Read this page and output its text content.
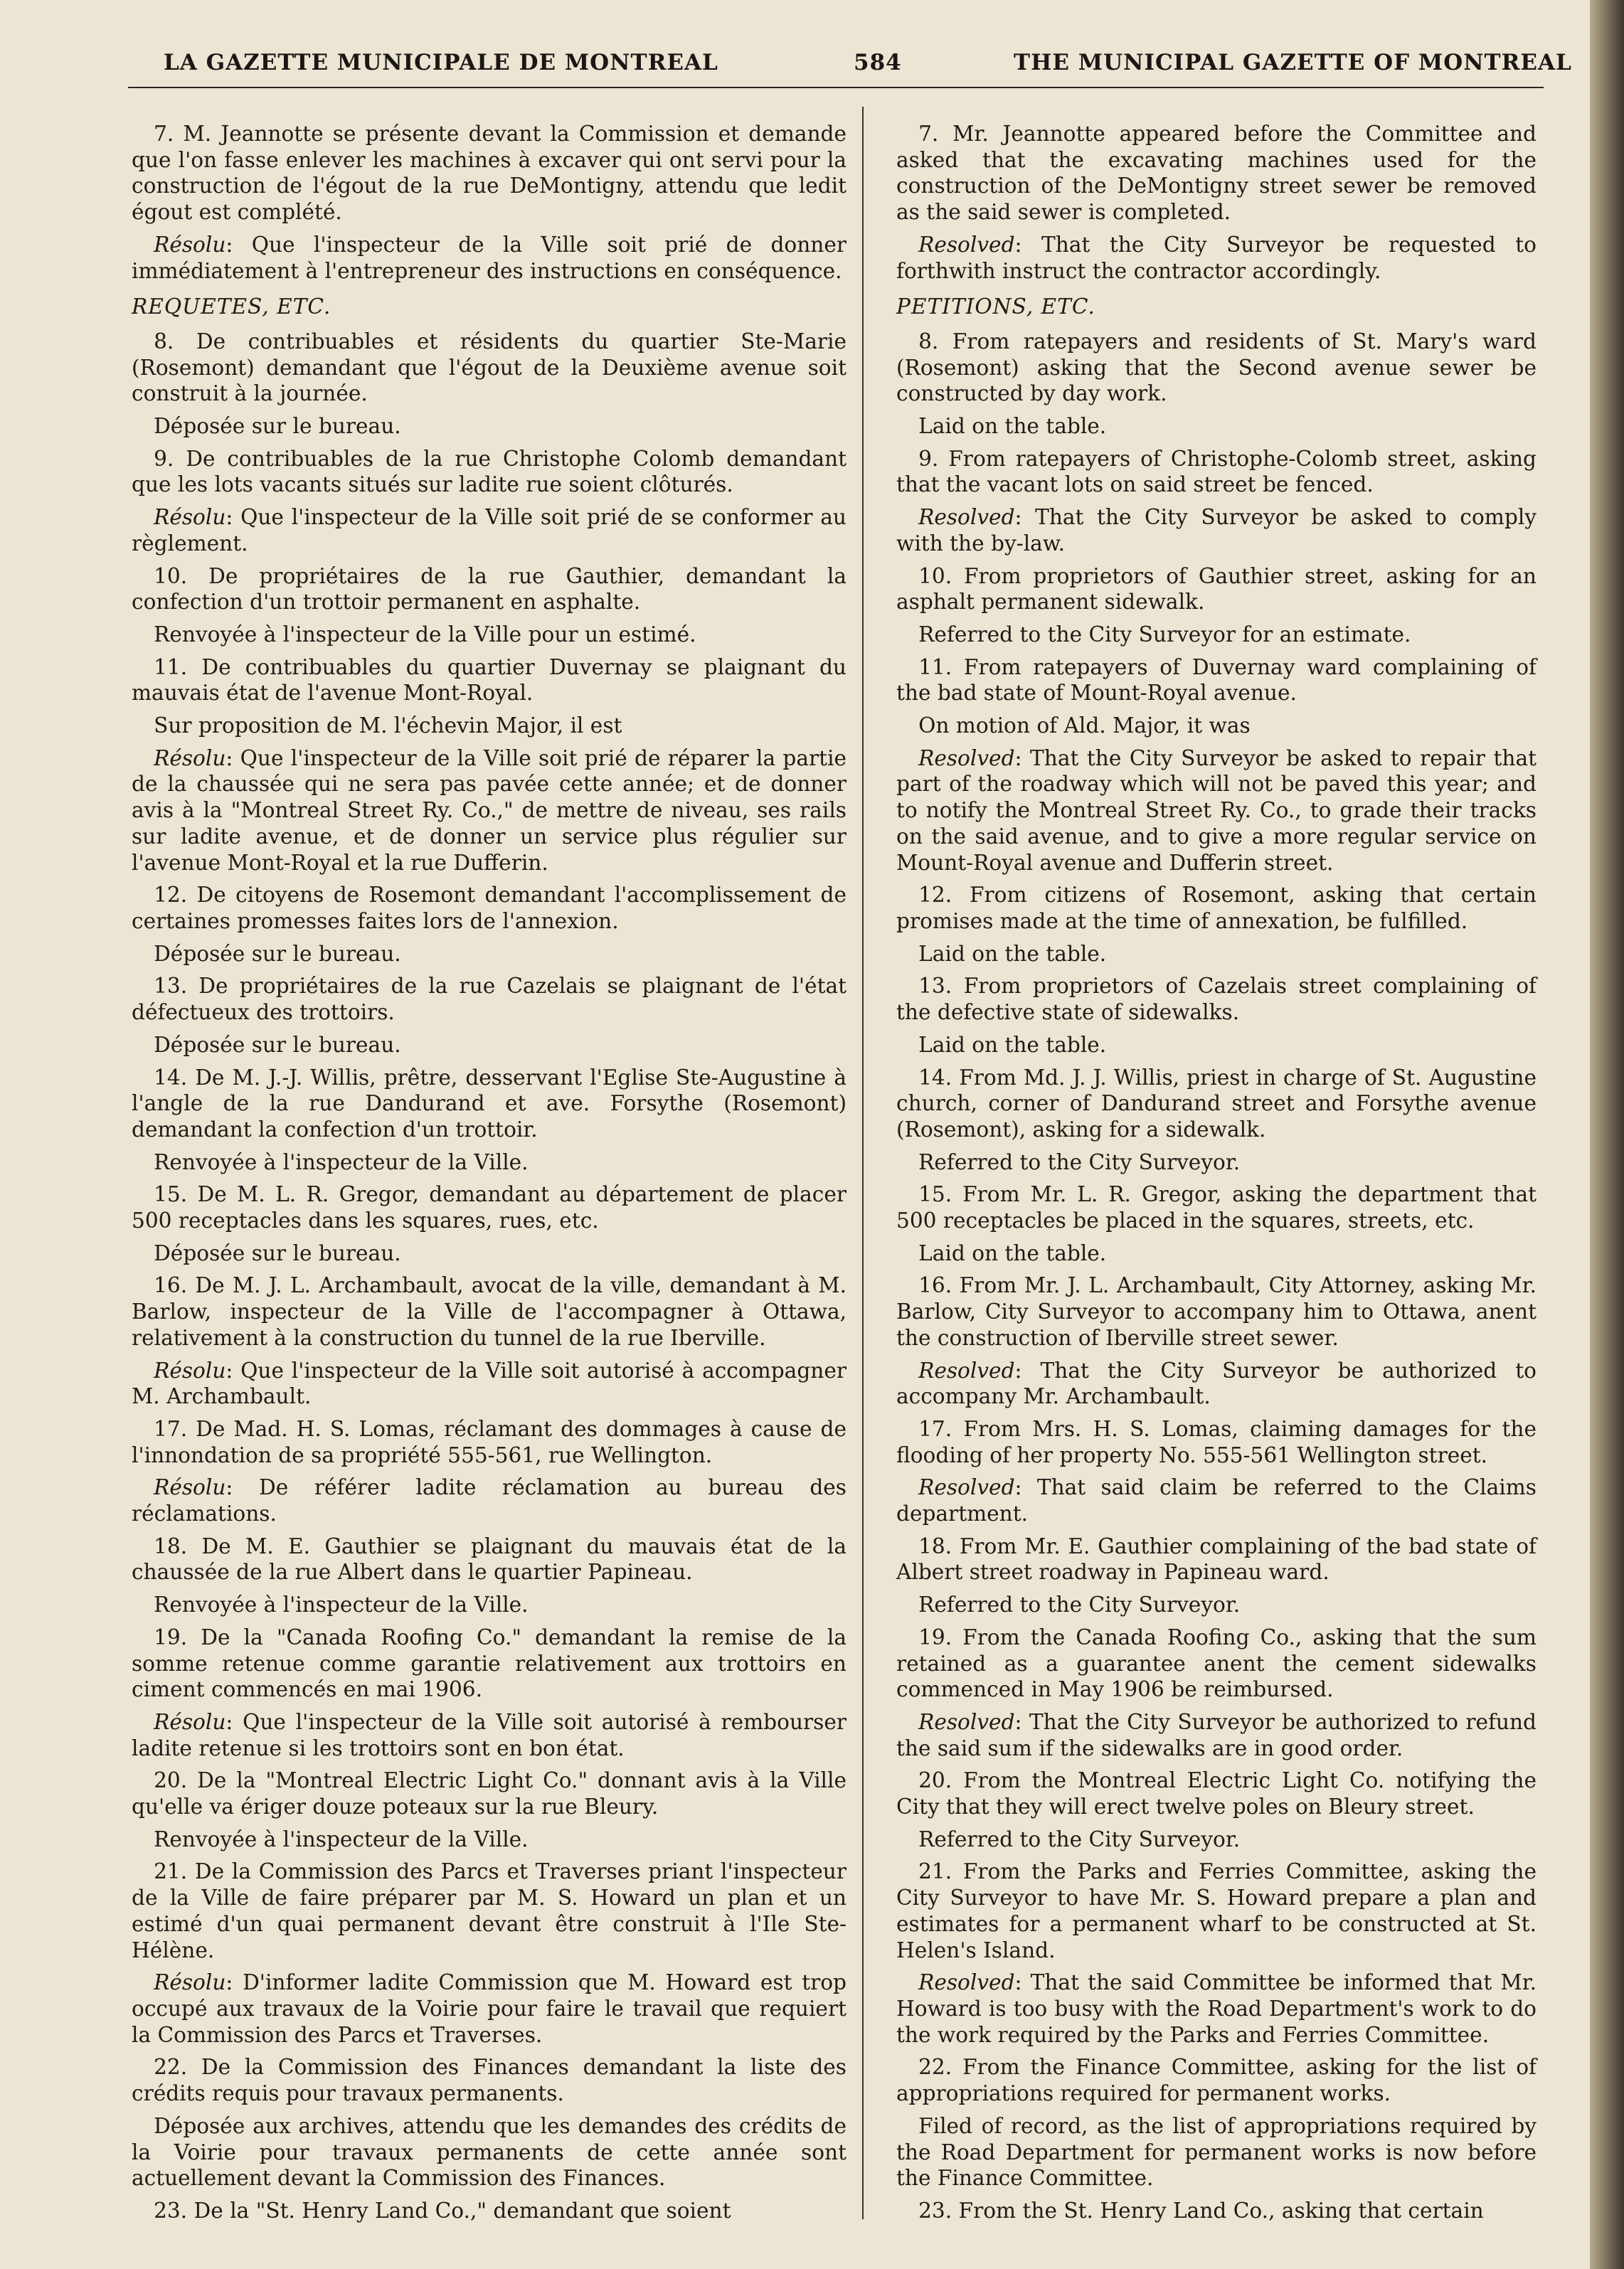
LA GAZETTE MUNICIPALE DE MONTREAL	584	THE MUNICIPAL GAZETTE OF MONTREAL

7. M. Jeannotte se présente devant la Commission et demande que l'on fasse enlever les machines à excaver qui ont servi pour la construction de l'égout de la rue DeMontigny, attendu que ledit égout est complété.

Résolu: Que l'inspecteur de la Ville soit prié de donner immédiatement à l'entrepreneur des instructions en conséquence.

REQUETES, ETC.

8. De contribuables et résidents du quartier Ste-Marie (Rosemont) demandant que l'égout de la Deuxième avenue soit construit à la journée.

Déposée sur le bureau.

9. De contribuables de la rue Christophe Colomb demandant que les lots vacants situés sur ladite rue soient clôturés.

Résolu: Que l'inspecteur de la Ville soit prié de se conformer au règlement.

10. De propriétaires de la rue Gauthier, demandant la confection d'un trottoir permanent en asphalte.

Renvoyée à l'inspecteur de la Ville pour un estimé.

11. De contribuables du quartier Duvernay se plaignant du mauvais état de l'avenue Mont-Royal.

Sur proposition de M. l'échevin Major, il est

Résolu: Que l'inspecteur de la Ville soit prié de réparer la partie de la chaussée qui ne sera pas pavée cette année; et de donner avis à la "Montreal Street Ry. Co.," de mettre de niveau, ses rails sur ladite avenue, et de donner un service plus régulier sur l'avenue Mont-Royal et la rue Dufferin.

12. De citoyens de Rosemont demandant l'accomplissement de certaines promesses faites lors de l'annexion.

Déposée sur le bureau.

13. De propriétaires de la rue Cazelais se plaignant de l'état défectueux des trottoirs.

Déposée sur le bureau.

14. De M. J.-J. Willis, prêtre, desservant l'Eglise Ste-Augustine à l'angle de la rue Dandurand et ave. Forsythe (Rosemont) demandant la confection d'un trottoir.

Renvoyée à l'inspecteur de la Ville.

15. De M. L. R. Gregor, demandant au département de placer 500 receptacles dans les squares, rues, etc.

Déposée sur le bureau.

16. De M. J. L. Archambault, avocat de la ville, demandant à M. Barlow, inspecteur de la Ville de l'accompagner à Ottawa, relativement à la construction du tunnel de la rue Iberville.

Résolu: Que l'inspecteur de la Ville soit autorisé à accompagner M. Archambault.

17. De Mad. H. S. Lomas, réclamant des dommages à cause de l'innondation de sa propriété 555-561, rue Wellington.

Résolu: De référer ladite réclamation au bureau des réclamations.

18. De M. E. Gauthier se plaignant du mauvais état de la chaussée de la rue Albert dans le quartier Papineau.

Renvoyée à l'inspecteur de la Ville.

19. De la "Canada Roofing Co." demandant la remise de la somme retenue comme garantie relativement aux trottoirs en ciment commencés en mai 1906.

Résolu: Que l'inspecteur de la Ville soit autorisé à rembourser ladite retenue si les trottoirs sont en bon état.

20. De la "Montreal Electric Light Co." donnant avis à la Ville qu'elle va ériger douze poteaux sur la rue Bleury.

Renvoyée à l'inspecteur de la Ville.

21. De la Commission des Parcs et Traverses priant l'inspecteur de la Ville de faire préparer par M. S. Howard un plan et un estimé d'un quai permanent devant être construit à l'Ile Ste-Hélène.

Résolu: D'informer ladite Commission que M. Howard est trop occupé aux travaux de la Voirie pour faire le travail que requiert la Commission des Parcs et Traverses.

22. De la Commission des Finances demandant la liste des crédits requis pour travaux permanents.

Déposée aux archives, attendu que les demandes des crédits de la Voirie pour travaux permanents de cette année sont actuellement devant la Commission des Finances.

23. De la "St. Henry Land Co.," demandant que soient

7. Mr. Jeannotte appeared before the Committee and asked that the excavating machines used for the construction of the DeMontigny street sewer be removed as the said sewer is completed.

Resolved: That the City Surveyor be requested to forthwith instruct the contractor accordingly.

PETITIONS, ETC.

8. From ratepayers and residents of St. Mary's ward (Rosemont) asking that the Second avenue sewer be constructed by day work.

Laid on the table.

9. From ratepayers of Christophe-Colomb street, asking that the vacant lots on said street be fenced.

Resolved: That the City Surveyor be asked to comply with the by-law.

10. From proprietors of Gauthier street, asking for an asphalt permanent sidewalk.

Referred to the City Surveyor for an estimate.

11. From ratepayers of Duvernay ward complaining of the bad state of Mount-Royal avenue.

On motion of Ald. Major, it was

Resolved: That the City Surveyor be asked to repair that part of the roadway which will not be paved this year; and to notify the Montreal Street Ry. Co., to grade their tracks on the said avenue, and to give a more regular service on Mount-Royal avenue and Dufferin street.

12. From citizens of Rosemont, asking that certain promises made at the time of annexation, be fulfilled.

Laid on the table.

13. From proprietors of Cazelais street complaining of the defective state of sidewalks.

Laid on the table.

14. From Md. J. J. Willis, priest in charge of St. Augustine church, corner of Dandurand street and Forsythe avenue (Rosemont), asking for a sidewalk.

Referred to the City Surveyor.

15. From Mr. L. R. Gregor, asking the department that 500 receptacles be placed in the squares, streets, etc.

Laid on the table.

16. From Mr. J. L. Archambault, City Attorney, asking Mr. Barlow, City Surveyor to accompany him to Ottawa, anent the construction of Iberville street sewer.

Resolved: That the City Surveyor be authorized to accompany Mr. Archambault.

17. From Mrs. H. S. Lomas, claiming damages for the flooding of her property No. 555-561 Wellington street.

Resolved: That said claim be referred to the Claims department.

18. From Mr. E. Gauthier complaining of the bad state of Albert street roadway in Papineau ward.

Referred to the City Surveyor.

19. From the Canada Roofing Co., asking that the sum retained as a guarantee anent the cement sidewalks commenced in May 1906 be reimbursed.

Resolved: That the City Surveyor be authorized to refund the said sum if the sidewalks are in good order.

20. From the Montreal Electric Light Co. notifying the City that they will erect twelve poles on Bleury street.

Referred to the City Surveyor.

21. From the Parks and Ferries Committee, asking the City Surveyor to have Mr. S. Howard prepare a plan and estimates for a permanent wharf to be constructed at St. Helen's Island.

Resolved: That the said Committee be informed that Mr. Howard is too busy with the Road Department's work to do the work required by the Parks and Ferries Committee.

22. From the Finance Committee, asking for the list of appropriations required for permanent works.

Filed of record, as the list of appropriations required by the Road Department for permanent works is now before the Finance Committee.

23. From the St. Henry Land Co., asking that certain
